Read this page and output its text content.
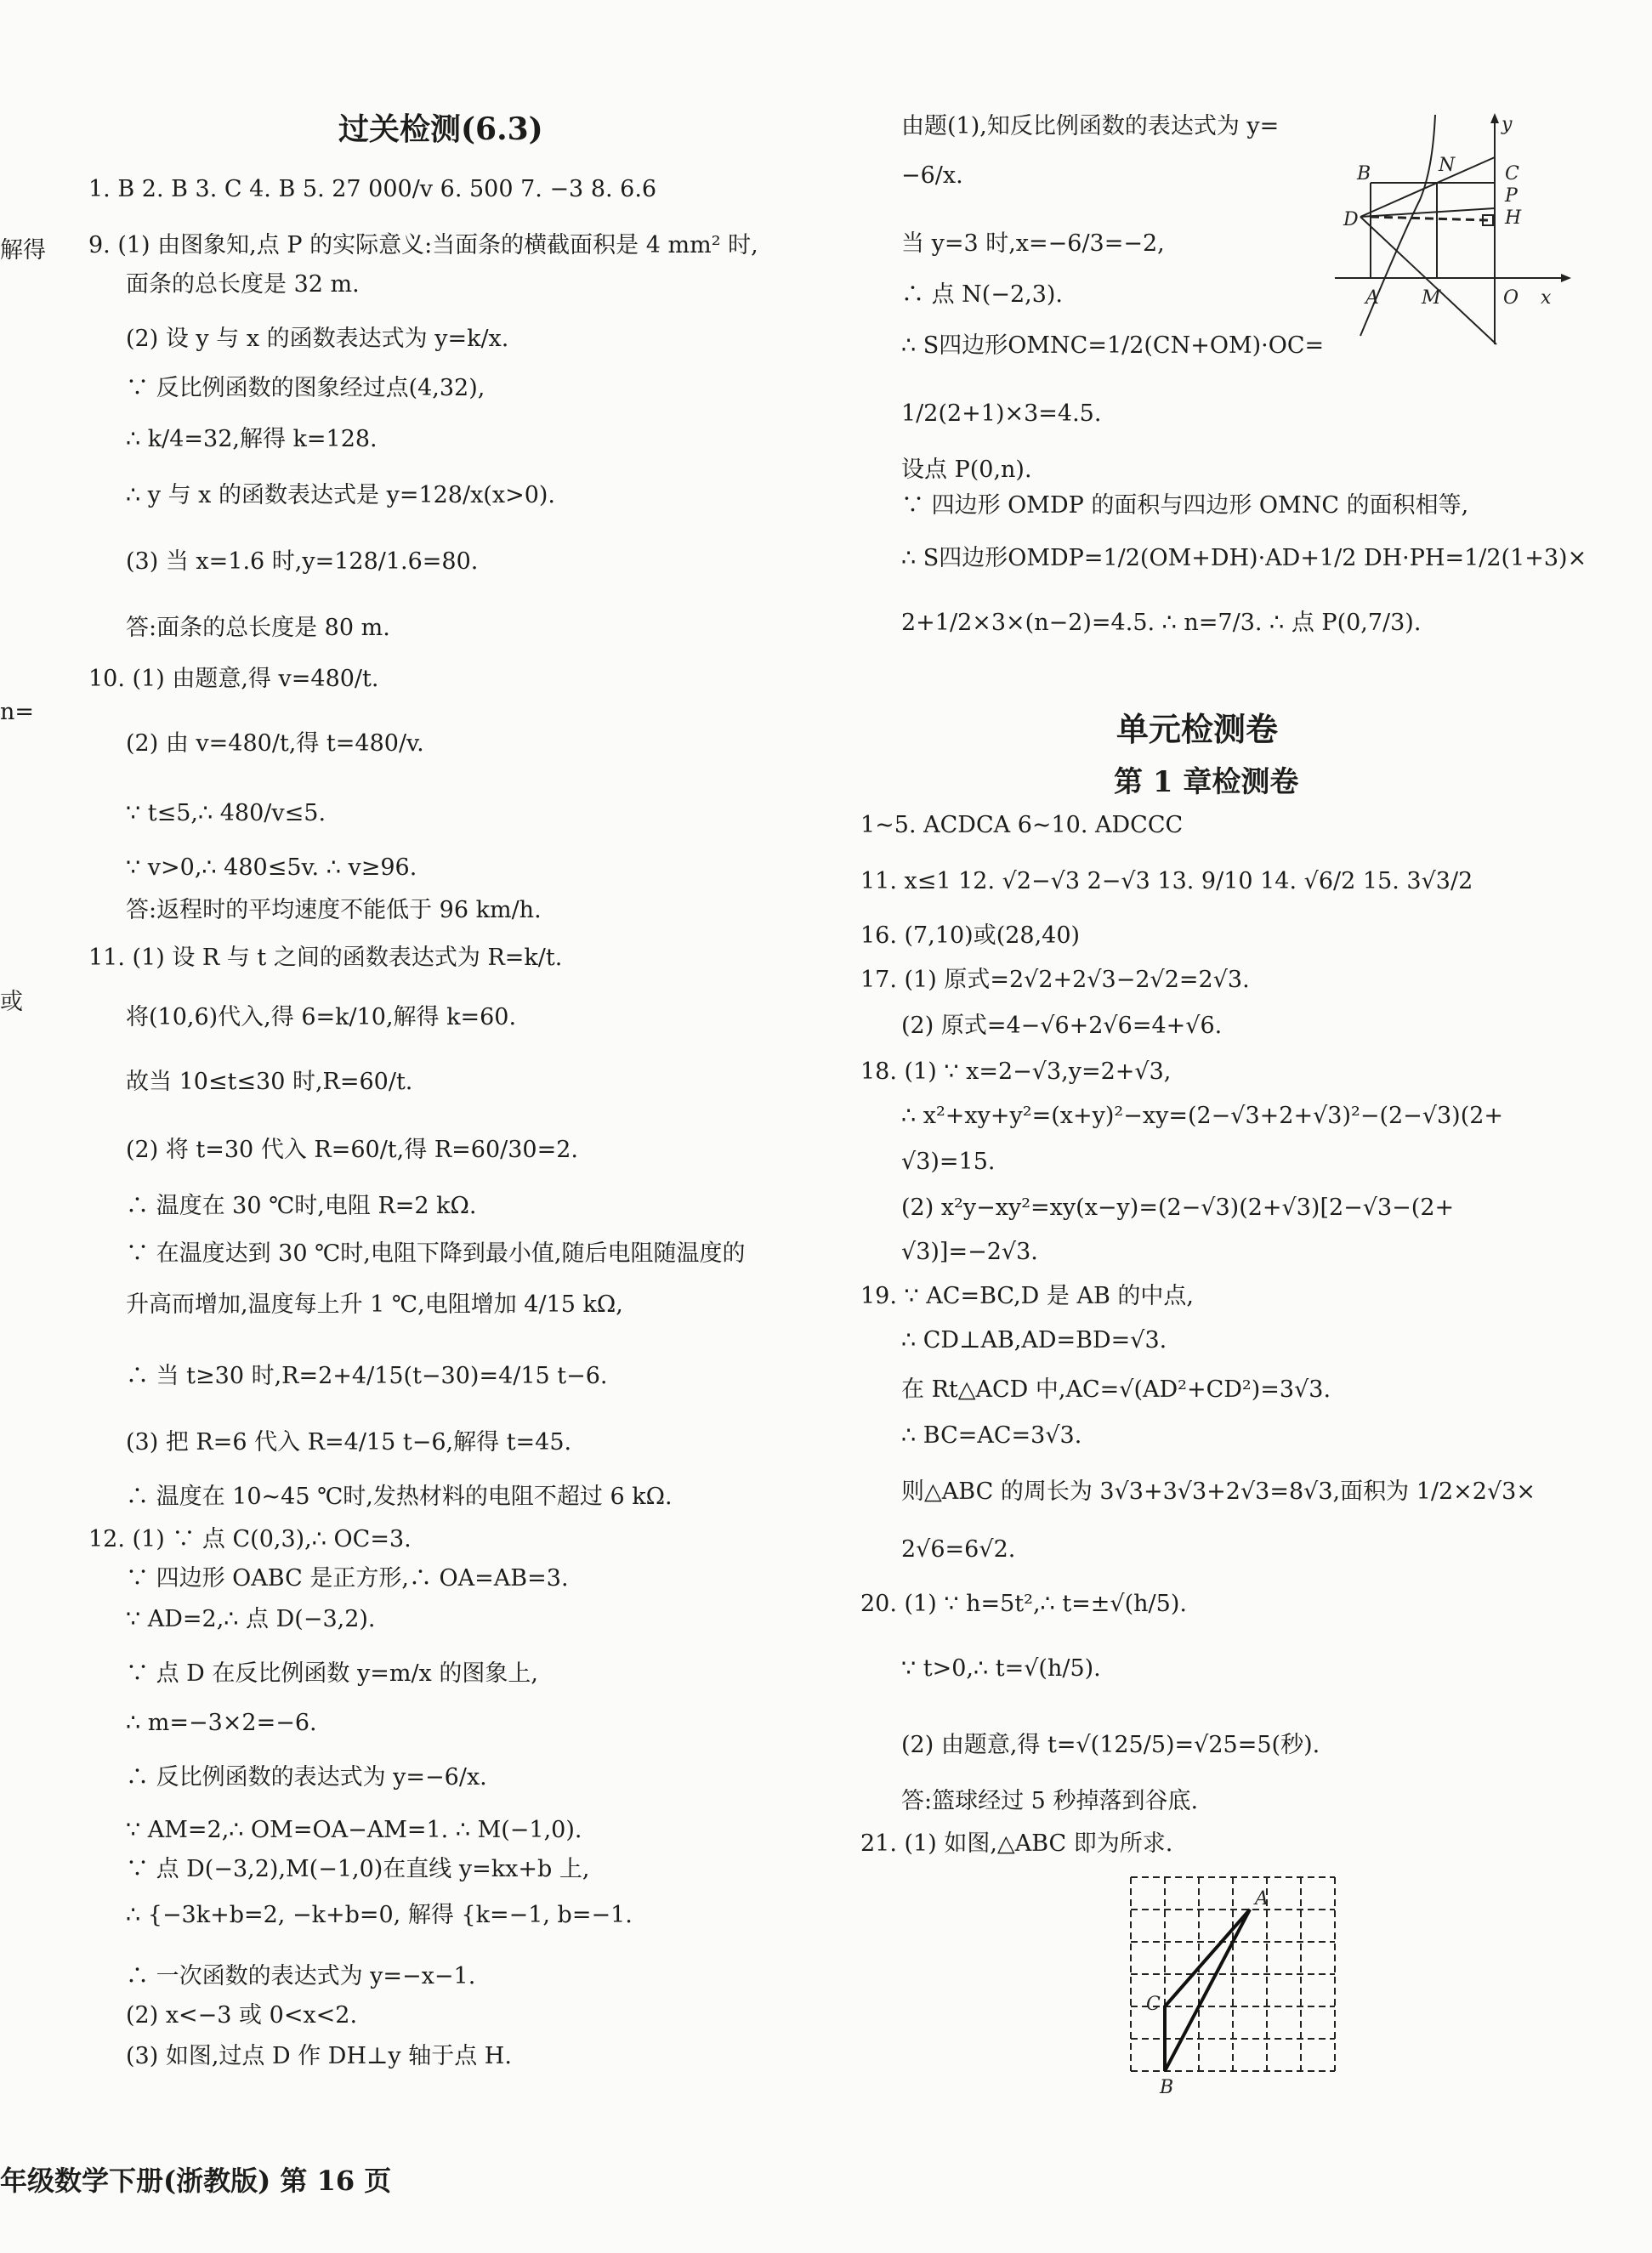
解得
n=
或
过关检测(6.3)
1. B 2. B 3. C 4. B 5. 27 000/v 6. 500 7. −3 8. 6.6
9. (1) 由图象知,点 P 的实际意义:当面条的横截面积是 4 mm² 时,
面条的总长度是 32 m.
(2) 设 y 与 x 的函数表达式为 y=k/x.
∵ 反比例函数的图象经过点(4,32),
∴ k/4=32,解得 k=128.
∴ y 与 x 的函数表达式是 y=128/x(x>0).
(3) 当 x=1.6 时,y=128/1.6=80.
答:面条的总长度是 80 m.
10. (1) 由题意,得 v=480/t.
(2) 由 v=480/t,得 t=480/v.
∵ t≤5,∴ 480/v≤5.
∵ v>0,∴ 480≤5v. ∴ v≥96.
答:返程时的平均速度不能低于 96 km/h.
11. (1) 设 R 与 t 之间的函数表达式为 R=k/t.
将(10,6)代入,得 6=k/10,解得 k=60.
故当 10≤t≤30 时,R=60/t.
(2) 将 t=30 代入 R=60/t,得 R=60/30=2.
∴ 温度在 30 ℃时,电阻 R=2 kΩ.
∵ 在温度达到 30 ℃时,电阻下降到最小值,随后电阻随温度的
升高而增加,温度每上升 1 ℃,电阻增加 4/15 kΩ,
∴ 当 t≥30 时,R=2+4/15(t−30)=4/15 t−6.
(3) 把 R=6 代入 R=4/15 t−6,解得 t=45.
∴ 温度在 10~45 ℃时,发热材料的电阻不超过 6 kΩ.
12. (1) ∵ 点 C(0,3),∴ OC=3.
∵ 四边形 OABC 是正方形,∴ OA=AB=3.
∵ AD=2,∴ 点 D(−3,2).
∵ 点 D 在反比例函数 y=m/x 的图象上,
∴ m=−3×2=−6.
∴ 反比例函数的表达式为 y=−6/x.
∵ AM=2,∴ OM=OA−AM=1. ∴ M(−1,0).
∵ 点 D(−3,2),M(−1,0)在直线 y=kx+b 上,
∴ {−3k+b=2, −k+b=0, 解得 {k=−1, b=−1.
∴ 一次函数的表达式为 y=−x−1.
(2) x<−3 或 0<x<2.
(3) 如图,过点 D 作 DH⊥y 轴于点 H.
由题(1),知反比例函数的表达式为 y=
−6/x.
当 y=3 时,x=−6/3=−2,
∴ 点 N(−2,3).
∴ S四边形OMNC=1/2(CN+OM)·OC=
1/2(2+1)×3=4.5.
设点 P(0,n).
∵ 四边形 OMDP 的面积与四边形 OMNC 的面积相等,
∴ S四边形OMDP=1/2(OM+DH)·AD+1/2 DH·PH=1/2(1+3)×
2+1/2×3×(n−2)=4.5. ∴ n=7/3. ∴ 点 P(0,7/3).
单元检测卷
第 1 章检测卷
1~5. ACDCA 6~10. ADCCC
11. x≤1 12. √2−√3 2−√3 13. 9/10 14. √6/2 15. 3√3/2
16. (7,10)或(28,40)
17. (1) 原式=2√2+2√3−2√2=2√3.
(2) 原式=4−√6+2√6=4+√6.
18. (1) ∵ x=2−√3,y=2+√3,
∴ x²+xy+y²=(x+y)²−xy=(2−√3+2+√3)²−(2−√3)(2+
√3)=15.
(2) x²y−xy²=xy(x−y)=(2−√3)(2+√3)[2−√3−(2+
√3)]=−2√3.
19. ∵ AC=BC,D 是 AB 的中点,
∴ CD⊥AB,AD=BD=√3.
在 Rt△ACD 中,AC=√(AD²+CD²)=3√3.
∴ BC=AC=3√3.
则△ABC 的周长为 3√3+3√3+2√3=8√3,面积为 1/2×2√3×
2√6=6√2.
20. (1) ∵ h=5t²,∴ t=±√(h/5).
∵ t>0,∴ t=√(h/5).
(2) 由题意,得 t=√(125/5)=√25=5(秒).
答:篮球经过 5 秒掉落到谷底.
21. (1) 如图,△ABC 即为所求.
y
B	N	C
P
H
D
A M	O x
A
C
B
年级数学下册(浙教版) 第 16 页
